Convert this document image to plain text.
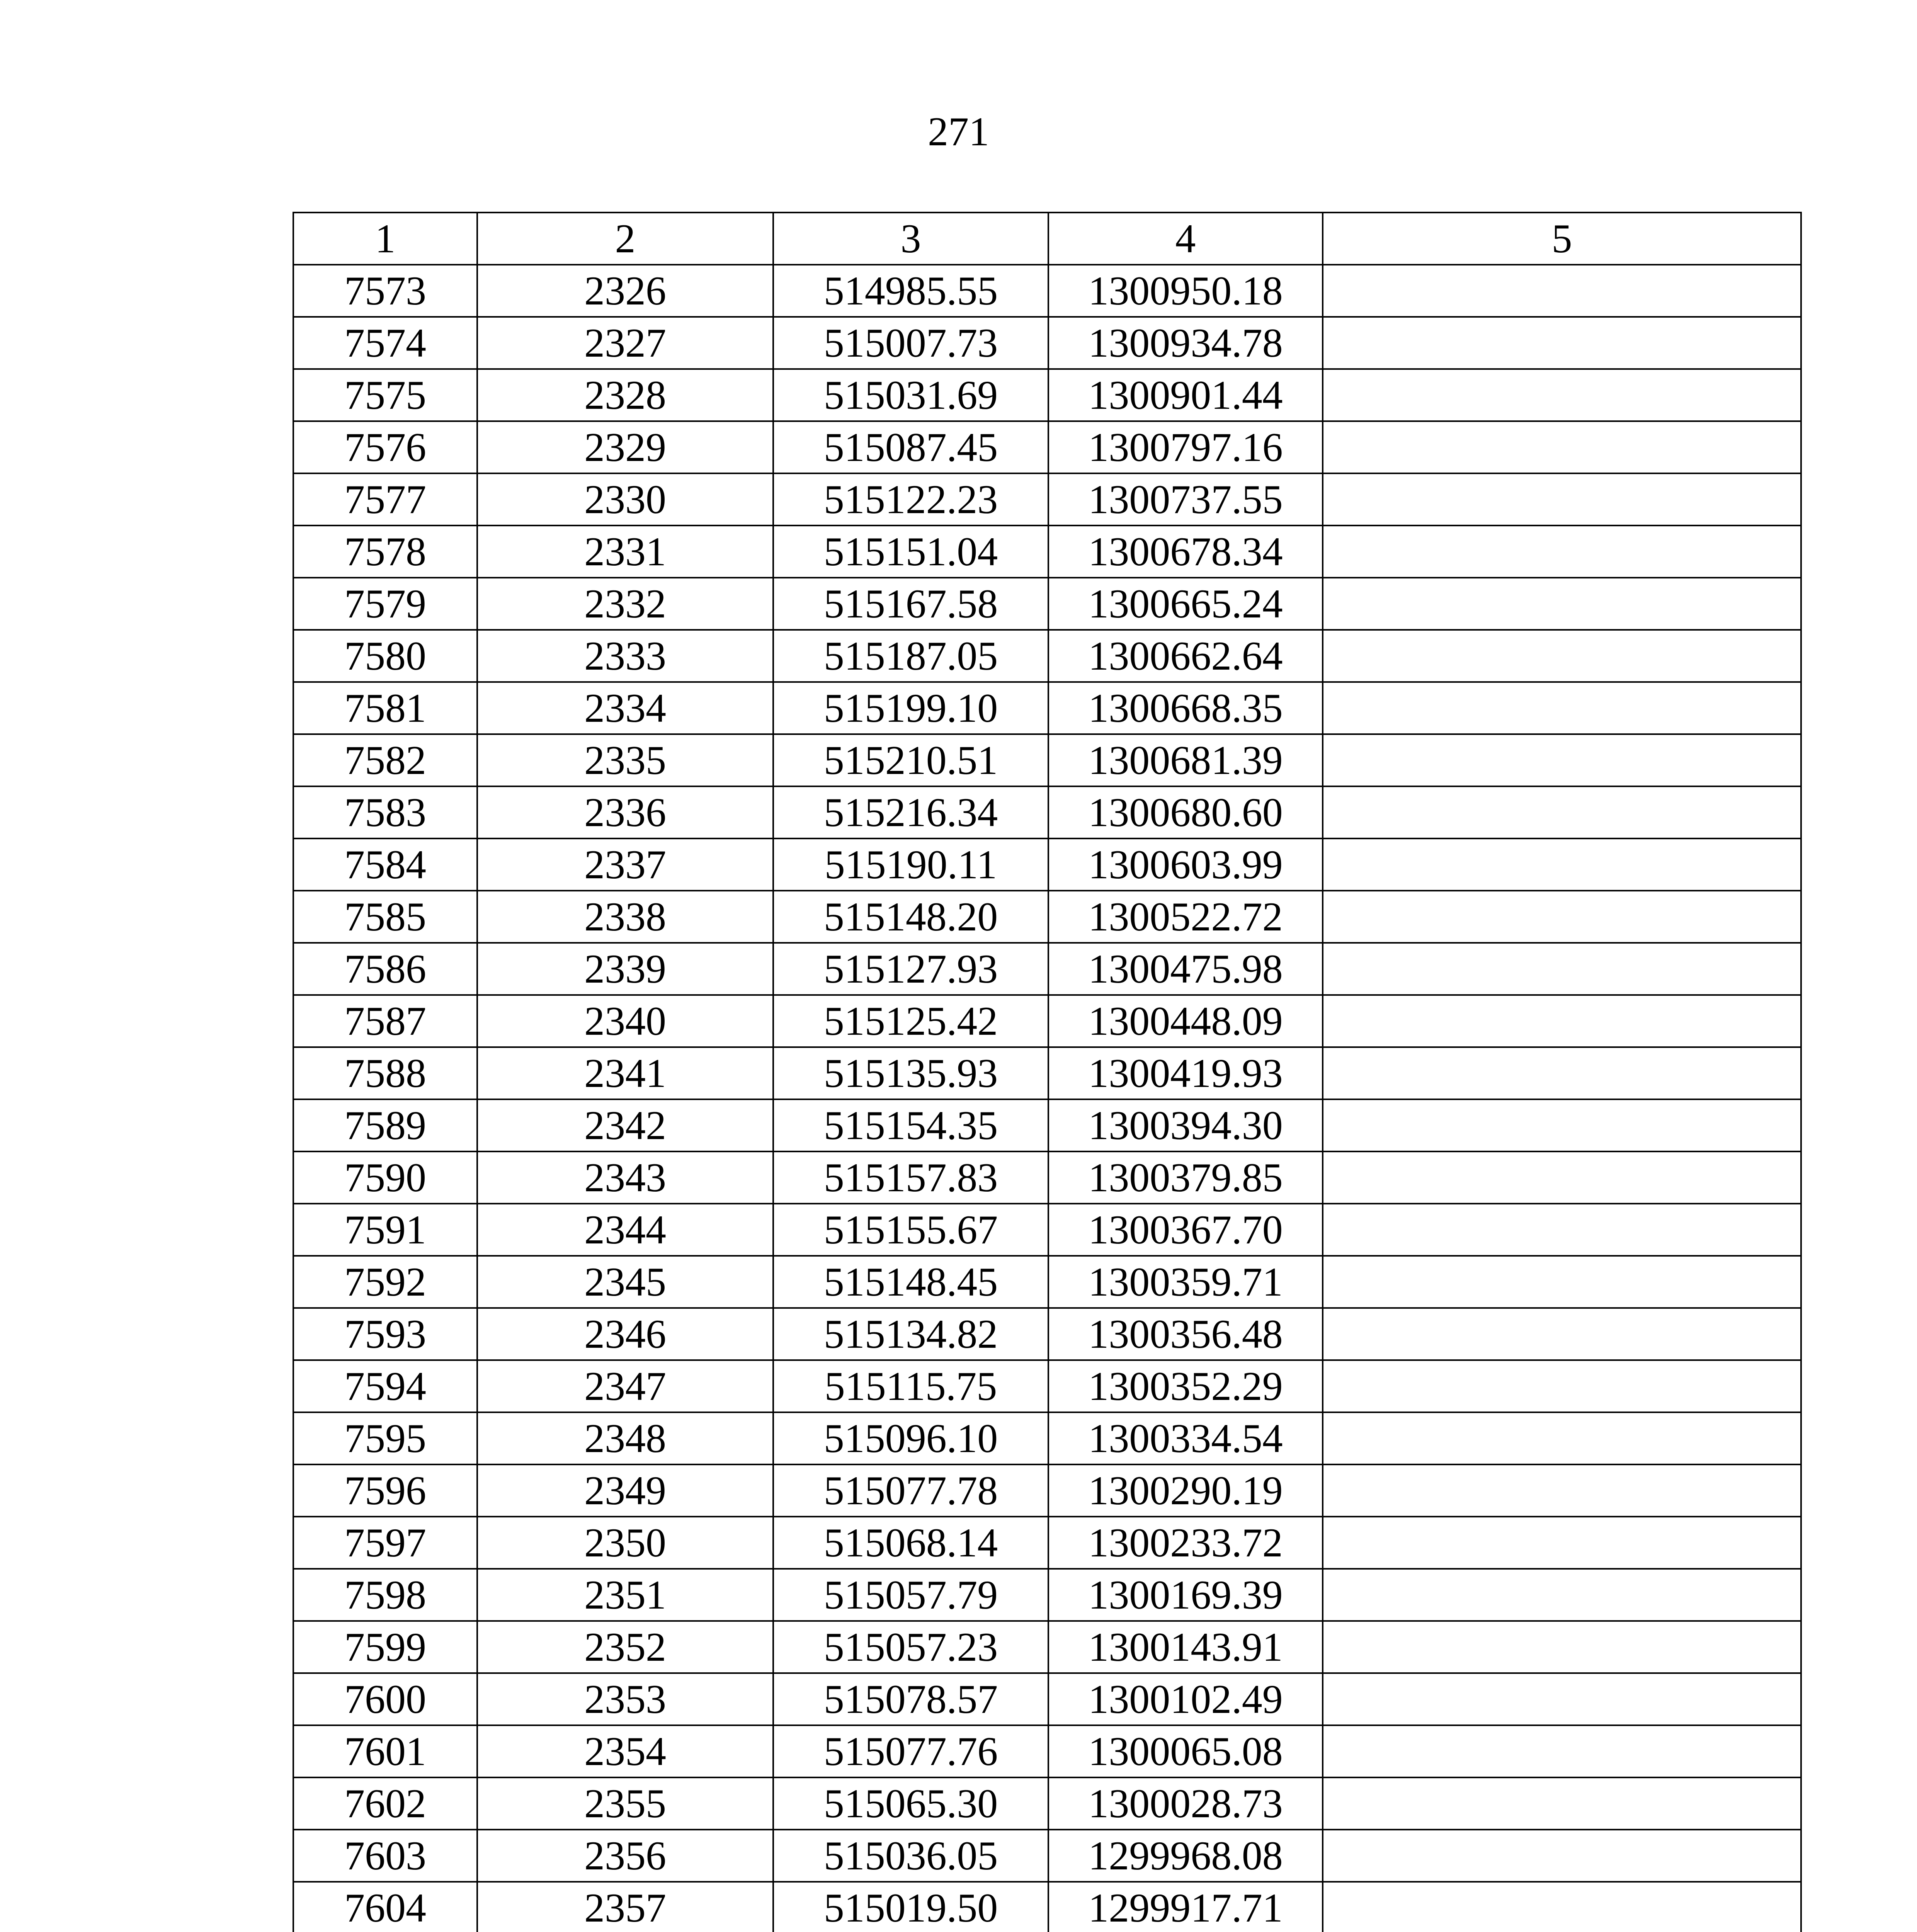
271
1	2	3	4	5
7573	2326	514985.55	1300950.18	
7574	2327	515007.73	1300934.78	
7575	2328	515031.69	1300901.44	
7576	2329	515087.45	1300797.16	
7577	2330	515122.23	1300737.55	
7578	2331	515151.04	1300678.34	
7579	2332	515167.58	1300665.24	
7580	2333	515187.05	1300662.64	
7581	2334	515199.10	1300668.35	
7582	2335	515210.51	1300681.39	
7583	2336	515216.34	1300680.60	
7584	2337	515190.11	1300603.99	
7585	2338	515148.20	1300522.72	
7586	2339	515127.93	1300475.98	
7587	2340	515125.42	1300448.09	
7588	2341	515135.93	1300419.93	
7589	2342	515154.35	1300394.30	
7590	2343	515157.83	1300379.85	
7591	2344	515155.67	1300367.70	
7592	2345	515148.45	1300359.71	
7593	2346	515134.82	1300356.48	
7594	2347	515115.75	1300352.29	
7595	2348	515096.10	1300334.54	
7596	2349	515077.78	1300290.19	
7597	2350	515068.14	1300233.72	
7598	2351	515057.79	1300169.39	
7599	2352	515057.23	1300143.91	
7600	2353	515078.57	1300102.49	
7601	2354	515077.76	1300065.08	
7602	2355	515065.30	1300028.73	
7603	2356	515036.05	1299968.08	
7604	2357	515019.50	1299917.71	
